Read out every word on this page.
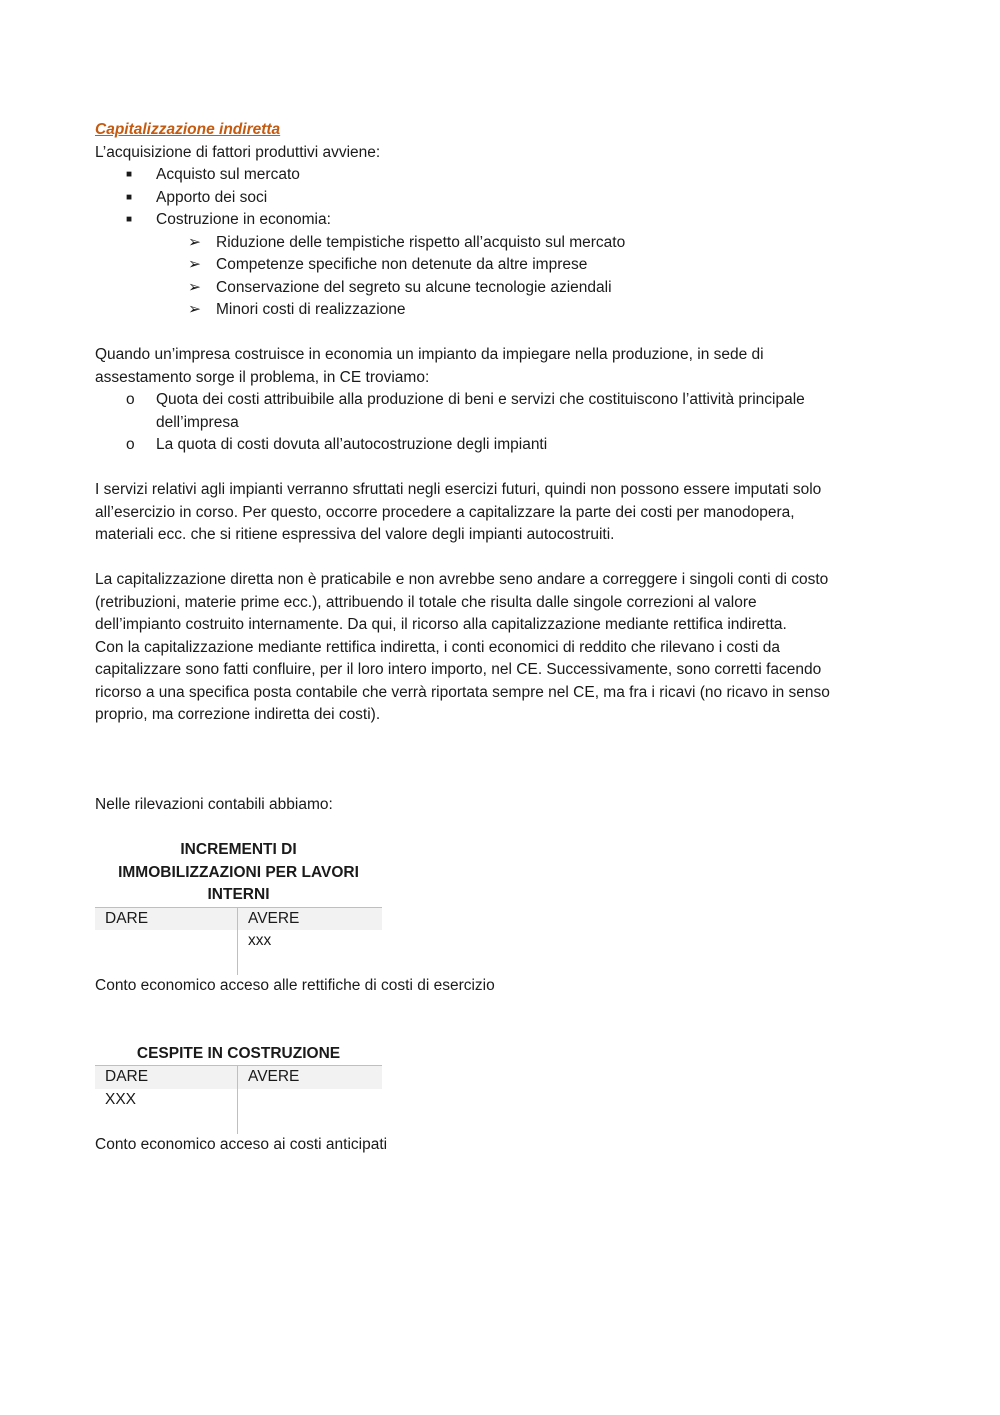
Capitalizzazione indiretta
L’acquisizione di fattori produttivi avviene:
■ Acquisto sul mercato
■ Apporto dei soci
■ Costruzione in economia:
➢ Riduzione delle tempistiche rispetto all’acquisto sul mercato
➢ Competenze specifiche non detenute da altre imprese
➢ Conservazione del segreto su alcune tecnologie aziendali
➢ Minori costi di realizzazione
Quando un’impresa costruisce in economia un impianto da impiegare nella produzione, in sede di
assestamento sorge il problema, in CE troviamo:
o Quota dei costi attribuibile alla produzione di beni e servizi che costituiscono l’attività principale
dell’impresa
o La quota di costi dovuta all’autocostruzione degli impianti
I servizi relativi agli impianti verranno sfruttati negli esercizi futuri, quindi non possono essere imputati solo
all’esercizio in corso. Per questo, occorre procedere a capitalizzare la parte dei costi per manodopera,
materiali ecc. che si ritiene espressiva del valore degli impianti autocostruiti.
La capitalizzazione diretta non è praticabile e non avrebbe seno andare a correggere i singoli conti di costo
(retribuzioni, materie prime ecc.), attribuendo il totale che risulta dalle singole correzioni al valore
dell’impianto costruito internamente. Da qui, il ricorso alla capitalizzazione mediante rettifica indiretta.
Con la capitalizzazione mediante rettifica indiretta, i conti economici di reddito che rilevano i costi da
capitalizzare sono fatti confluire, per il loro intero importo, nel CE. Successivamente, sono corretti facendo
ricorso a una specifica posta contabile che verrà riportata sempre nel CE, ma fra i ricavi (no ricavo in senso
proprio, ma correzione indiretta dei costi).
Nelle rilevazioni contabili abbiamo:
INCREMENTI DI
IMMOBILIZZAZIONI PER LAVORI
INTERNI
DARE	AVERE
xxx
Conto economico acceso alle rettifiche di costi di esercizio
CESPITE IN COSTRUZIONE
DARE	AVERE
XXX
Conto economico acceso ai costi anticipati
